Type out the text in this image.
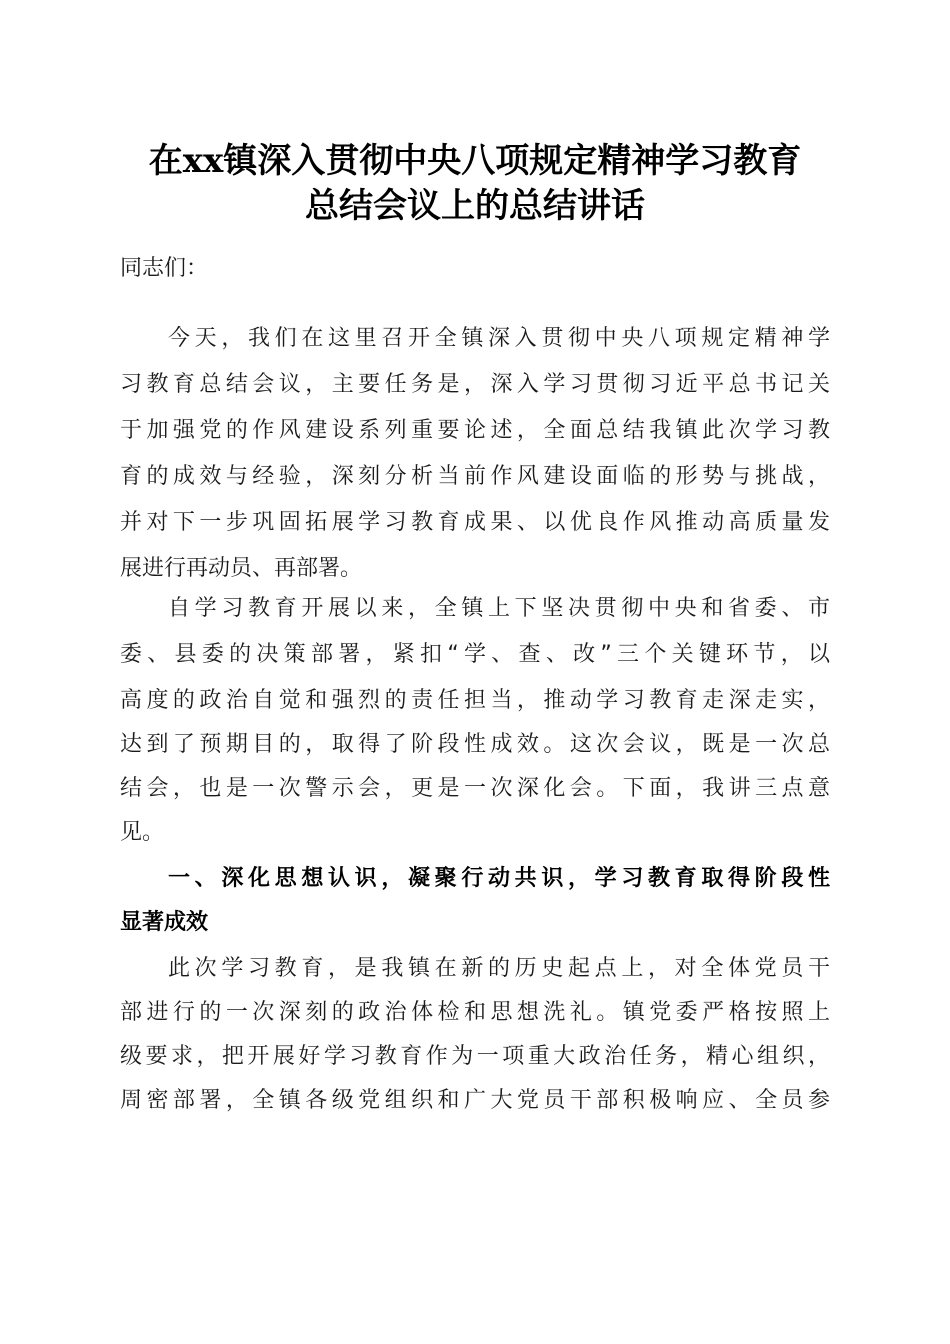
在xx镇深入贯彻中央八项规定精神学习教育
总结会议上的总结讲话
同志们：
今天，我们在这里召开全镇深入贯彻中央八项规定精神学
习教育总结会议，主要任务是，深入学习贯彻习近平总书记关
于加强党的作风建设系列重要论述，全面总结我镇此次学习教
育的成效与经验，深刻分析当前作风建设面临的形势与挑战，
并对下一步巩固拓展学习教育成果、以优良作风推动高质量发
展进行再动员、再部署。
自学习教育开展以来，全镇上下坚决贯彻中央和省委、市
委、县委的决策部署，紧扣“学、查、改”三个关键环节，以
高度的政治自觉和强烈的责任担当，推动学习教育走深走实，
达到了预期目的，取得了阶段性成效。这次会议，既是一次总
结会，也是一次警示会，更是一次深化会。下面，我讲三点意
见。
一、深化思想认识，凝聚行动共识，学习教育取得阶段性
显著成效
此次学习教育，是我镇在新的历史起点上，对全体党员干
部进行的一次深刻的政治体检和思想洗礼。镇党委严格按照上
级要求，把开展好学习教育作为一项重大政治任务，精心组织，
周密部署，全镇各级党组织和广大党员干部积极响应、全员参
